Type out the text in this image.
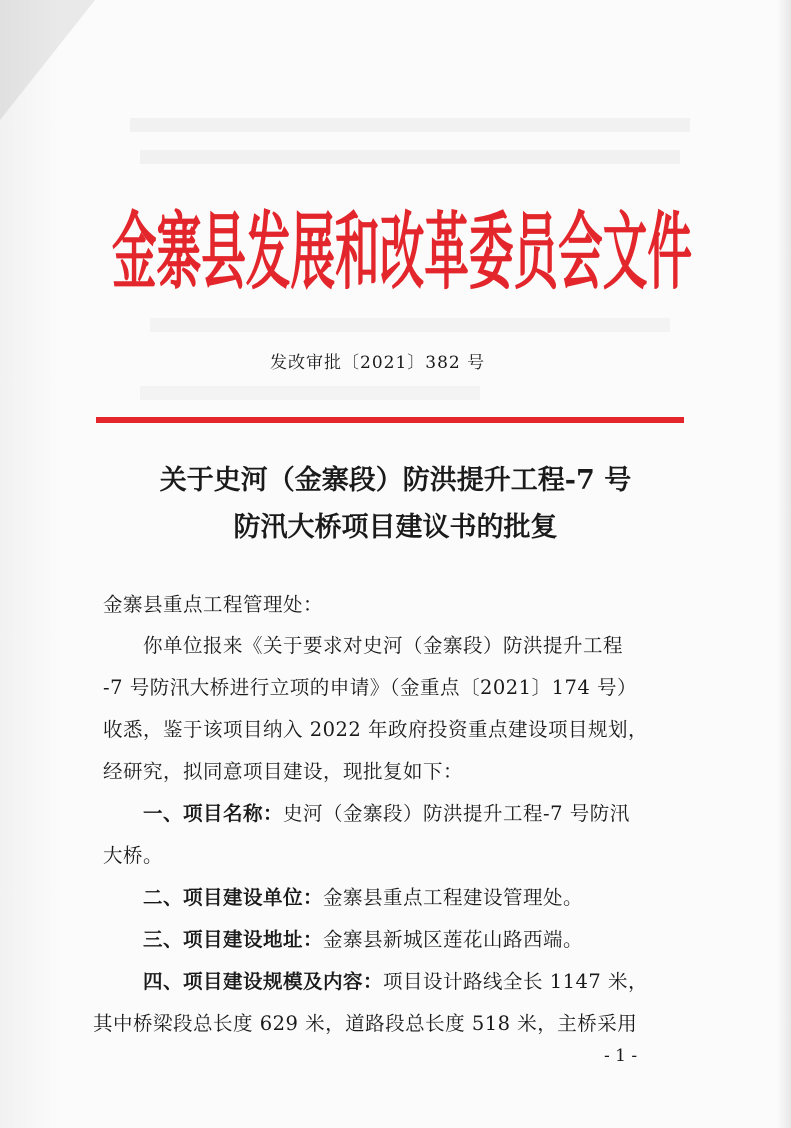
金寨县发展和改革委员会文件
发改审批〔2021〕382 号
关于史河（金寨段）防洪提升工程-7 号
防汛大桥项目建议书的批复
金寨县重点工程管理处：
你单位报来《关于要求对史河（金寨段）防洪提升工程
-7 号防汛大桥进行立项的申请》（金重点〔2021〕174 号）
收悉，鉴于该项目纳入 2022 年政府投资重点建设项目规划，
经研究，拟同意项目建设，现批复如下：
一、项目名称：史河（金寨段）防洪提升工程-7 号防汛
大桥。
二、项目建设单位：金寨县重点工程建设管理处。
三、项目建设地址：金寨县新城区莲花山路西端。
四、项目建设规模及内容：项目设计路线全长 1147 米，
其中桥梁段总长度 629 米，道路段总长度 518 米，主桥采用
- 1 -
